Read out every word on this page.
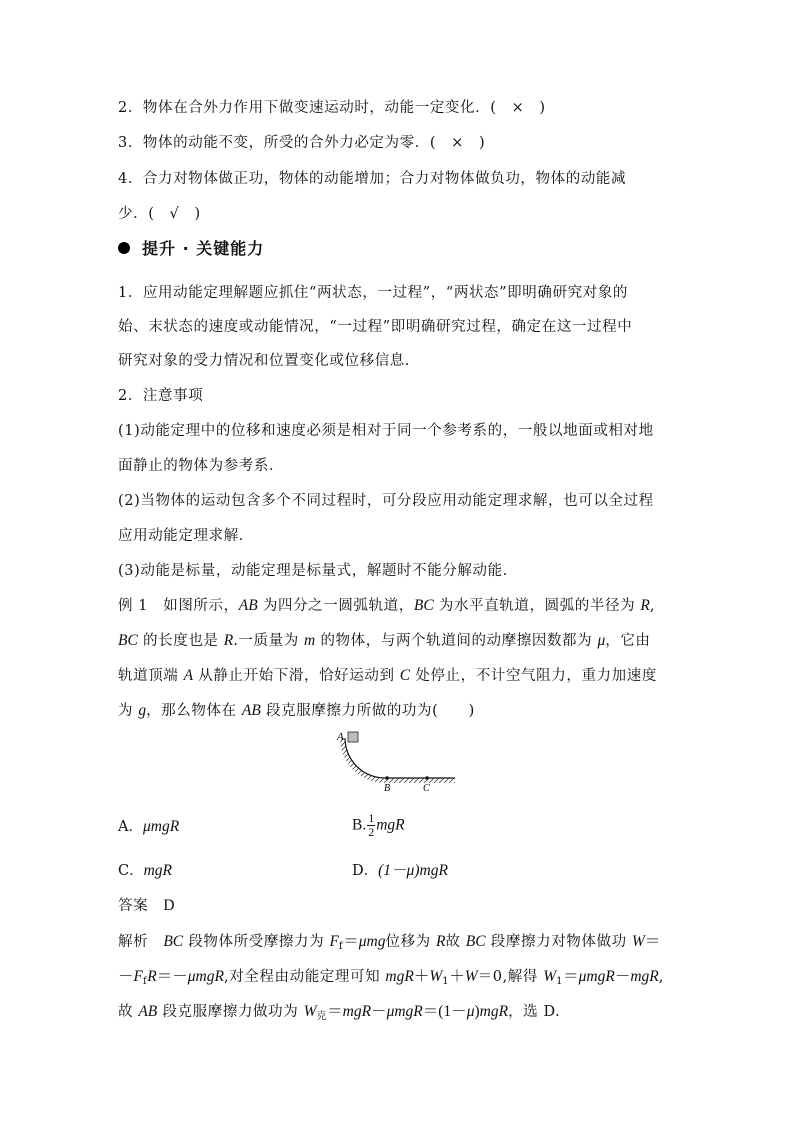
2．物体在合外力作用下做变速运动时，动能一定变化．(　×　)
3．物体的动能不变，所受的合外力必定为零．(　×　)
4．合力对物体做正功，物体的动能增加；合力对物体做负功，物体的动能减
少．(　√　)
提升 · 关键能力
1．应用动能定理解题应抓住“两状态，一过程”，“两状态”即明确研究对象的
始、末状态的速度或动能情况，“一过程”即明确研究过程，确定在这一过程中
研究对象的受力情况和位置变化或位移信息．
2．注意事项
(1)动能定理中的位移和速度必须是相对于同一个参考系的，一般以地面或相对地
面静止的物体为参考系．
(2)当物体的运动包含多个不同过程时，可分段应用动能定理求解，也可以全过程
应用动能定理求解．
(3)动能是标量，动能定理是标量式，解题时不能分解动能．
例 1　如图所示，AB 为四分之一圆弧轨道，BC 为水平直轨道，圆弧的半径为 R,
BC 的长度也是 R.一质量为 m 的物体，与两个轨道间的动摩擦因数都为 μ，它由
轨道顶端 A 从静止开始下滑，恰好运动到 C 处停止，不计空气阻力，重力加速度
为 g，那么物体在 AB 段克服摩擦力所做的功为(　　)
A
B	C
A．μmgR	B. $\frac{1}{2}$ mgR
C．mgR	D．(1－μ)mgR
答案　 D
解析　 BC 段物体所受摩擦力为 $F_f=\mu mg$位移为 R故 BC 段摩擦力对物体做功 W＝
$-F_fR=-\mu mgR$,对全程由动能定理可知 $mgR+W_1+W=0$,解得 $W_1=\mu mgR-mgR$,
故 AB 段克服摩擦力做功为 $W_克=mgR-\mu mgR=(1-\mu)mgR$，选 D.
